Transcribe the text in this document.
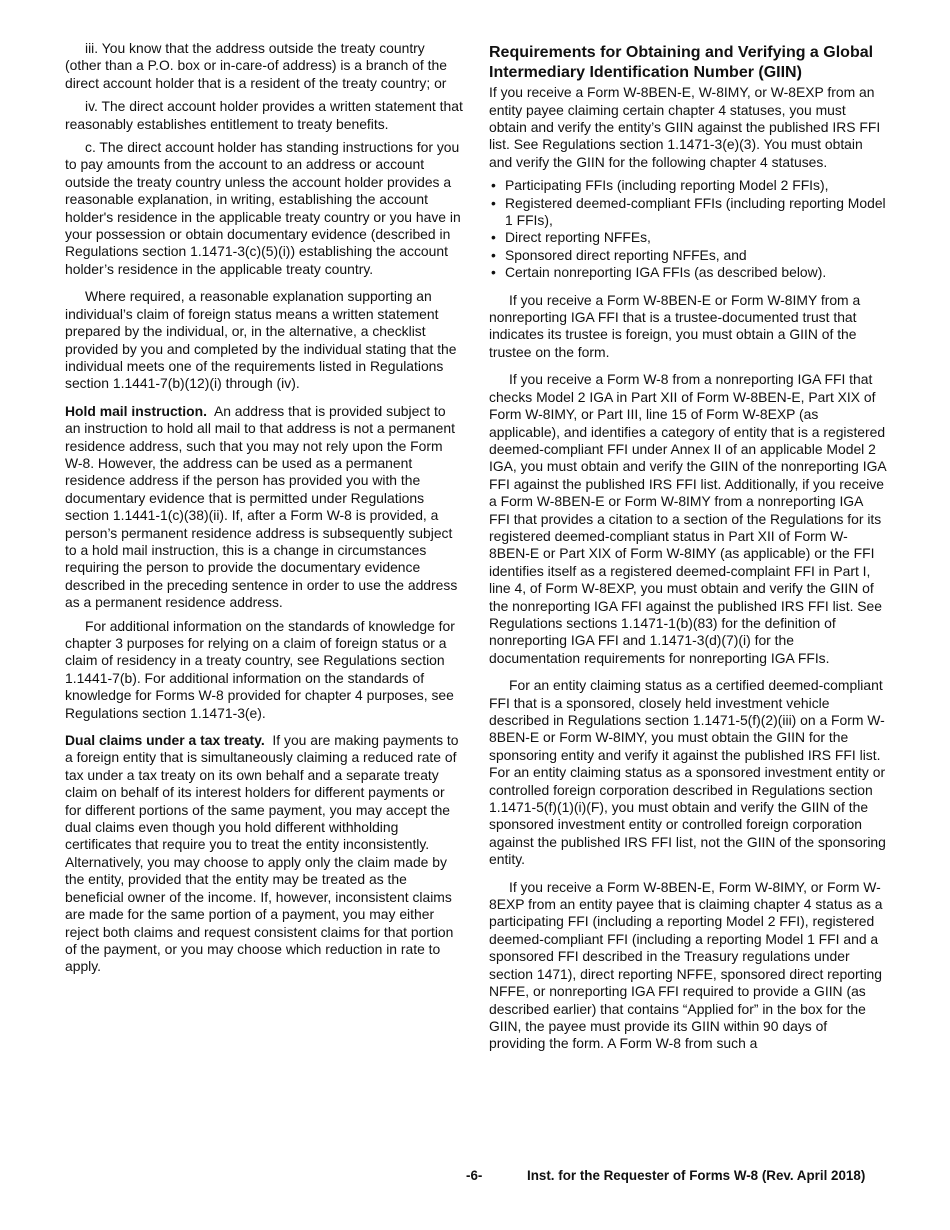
iii. You know that the address outside the treaty country (other than a P.O. box or in-care-of address) is a branch of the direct account holder that is a resident of the treaty country; or

iv. The direct account holder provides a written statement that reasonably establishes entitlement to treaty benefits.

c. The direct account holder has standing instructions for you to pay amounts from the account to an address or account outside the treaty country unless the account holder provides a reasonable explanation, in writing, establishing the account holder's residence in the applicable treaty country or you have in your possession or obtain documentary evidence (described in Regulations section 1.1471-3(c)(5)(i)) establishing the account holder’s residence in the applicable treaty country.

Where required, a reasonable explanation supporting an individual’s claim of foreign status means a written statement prepared by the individual, or, in the alternative, a checklist provided by you and completed by the individual stating that the individual meets one of the requirements listed in Regulations section 1.1441-7(b)(12)(i) through (iv).

Hold mail instruction. An address that is provided subject to an instruction to hold all mail to that address is not a permanent residence address, such that you may not rely upon the Form W-8. However, the address can be used as a permanent residence address if the person has provided you with the documentary evidence that is permitted under Regulations section 1.1441-1(c)(38)(ii). If, after a Form W-8 is provided, a person’s permanent residence address is subsequently subject to a hold mail instruction, this is a change in circumstances requiring the person to provide the documentary evidence described in the preceding sentence in order to use the address as a permanent residence address.

For additional information on the standards of knowledge for chapter 3 purposes for relying on a claim of foreign status or a claim of residency in a treaty country, see Regulations section 1.1441-7(b). For additional information on the standards of knowledge for Forms W-8 provided for chapter 4 purposes, see Regulations section 1.1471-3(e).

Dual claims under a tax treaty. If you are making payments to a foreign entity that is simultaneously claiming a reduced rate of tax under a tax treaty on its own behalf and a separate treaty claim on behalf of its interest holders for different payments or for different portions of the same payment, you may accept the dual claims even though you hold different withholding certificates that require you to treat the entity inconsistently. Alternatively, you may choose to apply only the claim made by the entity, provided that the entity may be treated as the beneficial owner of the income. If, however, inconsistent claims are made for the same portion of a payment, you may either reject both claims and request consistent claims for that portion of the payment, or you may choose which reduction in rate to apply.

Requirements for Obtaining and Verifying a Global Intermediary Identification Number (GIIN)

If you receive a Form W-8BEN-E, W-8IMY, or W-8EXP from an entity payee claiming certain chapter 4 statuses, you must obtain and verify the entity’s GIIN against the published IRS FFI list. See Regulations section 1.1471-3(e)(3). You must obtain and verify the GIIN for the following chapter 4 statuses.

• Participating FFIs (including reporting Model 2 FFIs),
• Registered deemed-compliant FFIs (including reporting Model 1 FFIs),
• Direct reporting NFFEs,
• Sponsored direct reporting NFFEs, and
• Certain nonreporting IGA FFIs (as described below).

If you receive a Form W-8BEN-E or Form W-8IMY from a nonreporting IGA FFI that is a trustee-documented trust that indicates its trustee is foreign, you must obtain a GIIN of the trustee on the form.

If you receive a Form W-8 from a nonreporting IGA FFI that checks Model 2 IGA in Part XII of Form W-8BEN-E, Part XIX of Form W-8IMY, or Part III, line 15 of Form W-8EXP (as applicable), and identifies a category of entity that is a registered deemed-compliant FFI under Annex II of an applicable Model 2 IGA, you must obtain and verify the GIIN of the nonreporting IGA FFI against the published IRS FFI list. Additionally, if you receive a Form W-8BEN-E or Form W-8IMY from a nonreporting IGA FFI that provides a citation to a section of the Regulations for its registered deemed-compliant status in Part XII of Form W-8BEN-E or Part XIX of Form W-8IMY (as applicable) or the FFI identifies itself as a registered deemed-complaint FFI in Part I, line 4, of Form W-8EXP, you must obtain and verify the GIIN of the nonreporting IGA FFI against the published IRS FFI list. See Regulations sections 1.1471-1(b)(83) for the definition of nonreporting IGA FFI and 1.1471-3(d)(7)(i) for the documentation requirements for nonreporting IGA FFIs.

For an entity claiming status as a certified deemed-compliant FFI that is a sponsored, closely held investment vehicle described in Regulations section 1.1471-5(f)(2)(iii) on a Form W-8BEN-E or Form W-8IMY, you must obtain the GIIN for the sponsoring entity and verify it against the published IRS FFI list. For an entity claiming status as a sponsored investment entity or controlled foreign corporation described in Regulations section 1.1471-5(f)(1)(i)(F), you must obtain and verify the GIIN of the sponsored investment entity or controlled foreign corporation against the published IRS FFI list, not the GIIN of the sponsoring entity.

If you receive a Form W-8BEN-E, Form W-8IMY, or Form W-8EXP from an entity payee that is claiming chapter 4 status as a participating FFI (including a reporting Model 2 FFI), registered deemed-compliant FFI (including a reporting Model 1 FFI and a sponsored FFI described in the Treasury regulations under section 1471), direct reporting NFFE, sponsored direct reporting NFFE, or nonreporting IGA FFI required to provide a GIIN (as described earlier) that contains “Applied for” in the box for the GIIN, the payee must provide its GIIN within 90 days of providing the form. A Form W-8 from such a

-6-	Inst. for the Requester of Forms W-8 (Rev. April 2018)
